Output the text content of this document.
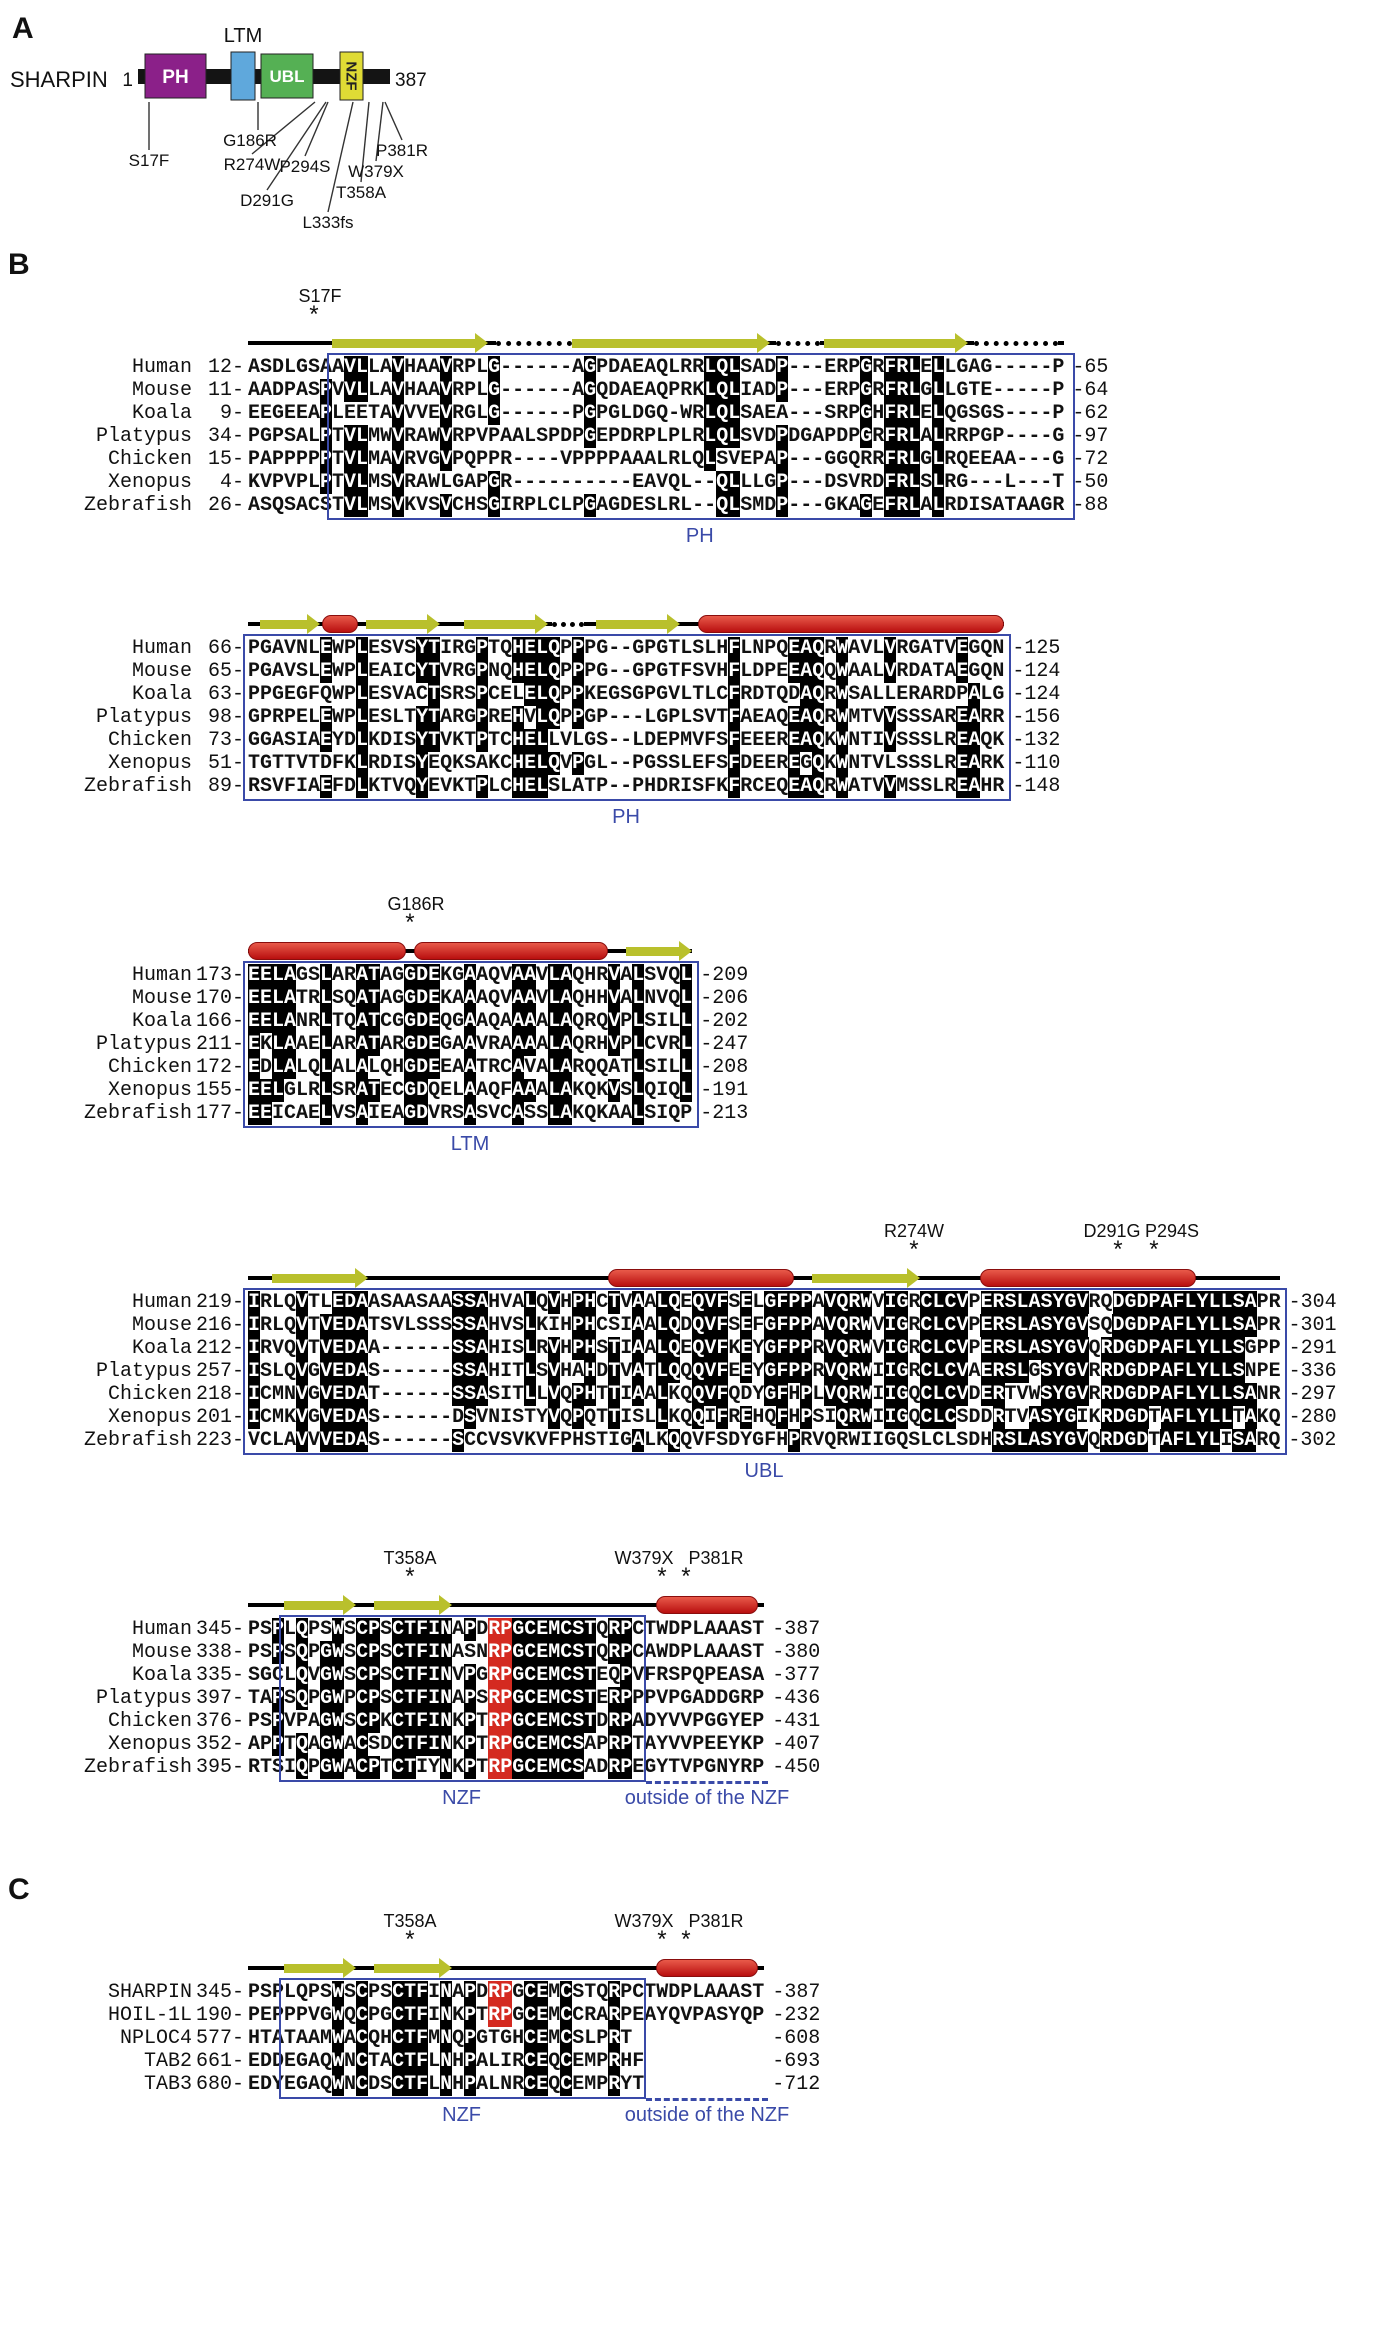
A
SHARPIN 1 PH
LTM
UBL	NZF 387
S17F
G186R
R274W
D291G
P294S
L333fs
T358A
W379X
P381R
B
S17F
*
Human 12- ASDLGSAAVLLAVHAAVRPLG------AGPDAEAQLRRLQLSADP---ERPGRFRLELLGAG-----P -65
Mouse 11- AADPASPVVLLAVHAAVRPLG------AGQDAEAQPRKLQLIADP---ERPGRFRLGLLGTE-----P -64
Koala	9- EEGEEAPLEETAVVVEVRGLG------PGPGLDGQ-WRLQLSAEA---SRPGHFRLELQGSGS----P -62
Platypus 34- PGPSALPTVLMWVRAWVRPVPAALSPDPGEPDRPLPLRLQLSVDPDGAPDPGRFRLALRRPGP----G -97
Chicken 15- PAPPPPPTVLMAVRVGVPQPPR----VPPPPAAALRLQLSVEPAP---GGQRRFRLGLRQEEAA---G -72
Xenopus	4- KVPVPLPTVLMSVRAWLGAPGR----------EAVQL--QLLLGP---DSVRDFRLSLRG---L---T -50
Zebrafish 26- ASQSACSTVLMSVKVSVCHSGIRPLCLPGAGDESLRL--QLSMDP---GKAGEFRLALRDISATAAGR -88
PH
Human 66- PGAVNLEWPLESVSYTIRGPTQHELQPPPG--GPGTLSLHFLNPQEAQRWAVLVRGATVEGQN -125
Mouse 65- PGAVSLEWPLEAICYTVRGPNQHELQPPPG--GPGTFSVHFLDPEEAQQWAALVRDATAEGQN -124
Koala 63- PPGEGFQWPLESVACTSRSPCELELQPPKEGSGPGVLTLCFRDTQDAQRWSALLERARDPALG -124
Platypus 98- GPRPELEWPLESLTYTARGPREHVLQPPGP---LGPLSVTFAEAQEAQRWMTVVSSSAREARR -156
Chicken 73- GGASIAEYDLKDISYTVKTPTCHELLVLGS--LDEPMVFSFEEEREAQKWNTIVSSSLREAQK -132
Xenopus 51- TGTTVTDFKLRDISYEQKSAKCHELQVPGL--PGSSLEFSFDEEREGQKWNTVLSSSLREARK -110
Zebrafish 89- RSVFIAEFDLKTVQYEVKTPLCHELSLATP--PHDRISFKFRCEQEAQRWATVVMSSLREAHR -148
PH
G186R
*
Human 173- EELAGSLARATAGGDEKGAAQVAAVLAQHRVALSVQL -209
Mouse 170- EELATRLSQATAGGDEKAAAQVAAVLAQHHVALNVQL -206
Koala 166- EELANRLTQATCGGDEQGAAQAAAALAQRQVPLSILL -202
Platypus 211- EKLAAELARATARGDEGAAVRAAAALAQRHVPLCVRL -247
Chicken 172- EDLALQLALALQHGDEEAATRCAVALARQQATLSILL -208
Xenopus 155- EELGLRLSRATECGDQELAAQFAAALAKQKVSLQIQL -191
Zebrafish 177- EEICAELVSAIEAGDVRSASVCASSLAKQKAALSIQP -213
LTM
R274W
*
D291G
*
P294S
*
Human 219- IRLQVTLEDAASAASAASSAHVALQVHPHCTVAALQEQVFSELGFPPAVQRWVIGRCLCVPERSLASYGVRQDGDPAFLYLLSAPR -304
Mouse 216- IRLQVTVEDATSVLSSSSSAHVSLKIHPHCSIAALQDQVFSEFGFPPAVQRWVIGRCLCVPERSLASYGVSQDGDPAFLYLLSAPR -301
Koala 212- IRVQVTVEDAA------SSAHISLRVHPHSTIAALQEQVFKEYGFPPRVQRWVIGRCLCVPERSLASYGVQRDGDPAFLYLLSGPP -291
Platypus 257- ISLQVGVEDAS------SSAHITLSVHAHDTVATLQQQVFEEYGFPPRVQRWIIGRCLCVAERSLGSYGVRRDGDPAFLYLLSNPE -336
Chicken 218- ICMNVGVEDAT------SSASITLLVQPHTTIAALKQQVFQDYGFHPLVQRWIIGQCLCVDERTVWSYGVRRDGDPAFLYLLSANR -297
Xenopus 201- ICMKVGVEDAS------DSVNISTYVQPQTTISLLKQQIFREHQFHPSIQRWIIGQCLCSDDRTVASYGIKRDGDTAFLYLLTAKQ -280
Zebrafish 223- VCLAVVVEDAS------SCCVSVKVFPHSTIGALKQQVFSDYGFHPRVQRWIIGQSLCLSDHRSLASYGVQRDGDTAFLYLISARQ -302
UBL
T358A
*
W379X
*
P381R
*
Human 345- PSPLQPSWSCPSCTFINAPDRPGCEMCSTQRPCTWDPLAAAST -387
Mouse 338- PSPSQPGWSCPSCTFINASNRPGCEMCSTQRPCAWDPLAAAST -380
Koala 335- SGCLQVGWSCPSCTFINVPGRPGCEMCSTEQPVFRSPQPEASA -377
Platypus 397- TAPSQPGWPCPSCTFINAPSRPGCEMCSTERPPPVPGADDGRP -436
Chicken 376- PSPVPAGWSCPKCTFINKPTRPGCEMCSTDRPADYVVPGGYEP -431
Xenopus 352- APPTQAGWACSDCTFINKPTRPGCEMCSAPRPTAYVVPEEYKP -407
Zebrafish 395- RTSIQPGWACPTCTIYNKPTRPGCEMCSADRPEGYTVPGNYRP -450
NZF	outside of the NZF
C
T358A
*
W379X
*
P381R
*
SHARPIN 345- PSPLQPSWSCPSCTFINAPDRPGCEMCSTQRPCTWDPLAAAST -387
HOIL-1L 190- PEPPPVGWQCPGCTFINKPTRPGCEMCCRARPEAYQVPASYQP -232
NPLOC4 577- HTATAAMWACQHCTFMNQPGTGHCEMCSLPRT -608
TAB2 661- EDDEGAQWNCTACTFLNHPALIRCEQCEMPRHF -693
TAB3 680- EDYEGAQWNCDSCTFLNHPALNRCEQCEMPRYT -712
NZF	outside of the NZF
